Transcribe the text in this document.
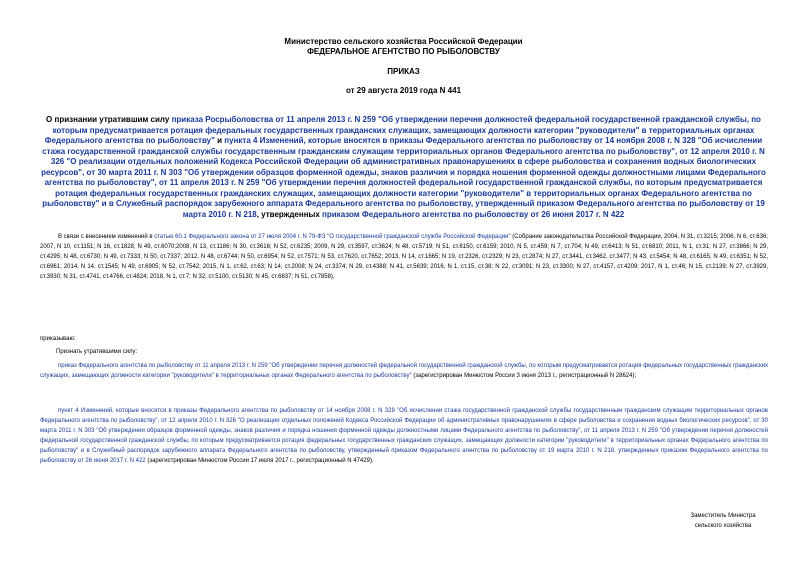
Министерство сельского хозяйства Российской Федерации
ФЕДЕРАЛЬНОЕ АГЕНТСТВО ПО РЫБОЛОВСТВУ
ПРИКАЗ
от 29 августа 2019 года N 441
О признании утратившим силу приказа Росрыболовства от 11 апреля 2013 г. N 259 "Об утверждении перечня должностей федеральной государственной гражданской службы, по которым предусматривается ротация федеральных государственных гражданских служащих, замещающих должности категории "руководители" в территориальных органах Федерального агентства по рыболовству" и пункта 4 Изменений, которые вносятся в приказы Федерального агентства по рыболовству от 14 ноября 2008 г. N 328 "Об исчислении стажа государственной гражданской службы государственным гражданским служащим территориальных органов Федерального агентства по рыболовству", от 12 апреля 2010 г. N 326 "О реализации отдельных положений Кодекса Российской Федерации об административных правонарушениях в сфере рыболовства и сохранения водных биологических ресурсов", от 30 марта 2011 г. N 303 "Об утверждении образцов форменной одежды, знаков различия и порядка ношения форменной одежды должностными лицами Федерального агентства по рыболовству", от 11 апреля 2013 г. N 259 "Об утверждении перечня должностей федеральной государственной гражданской службы, по которым предусматривается ротация федеральных государственных гражданских служащих, замещающих должности категории "руководители" в территориальных органах Федерального агентства по рыболовству" и в Служебный распорядок зарубежного аппарата Федерального агентства по рыболовству, утвержденный приказом Федерального агентства по рыболовству от 19 марта 2010 г. N 218, утвержденных приказом Федерального агентства по рыболовству от 26 июня 2017 г. N 422
В связи с внесением изменений в статью 60.1 Федерального закона от 27 июля 2004 г. N 79-ФЗ "О государственной гражданской службе Российской Федерации" (Собрание законодательства Российской Федерации, 2004, N 31, ст.3215; 2006, N 6, ст.636; 2007, N 10, ст.1151; N 16, ст.1828; N 49, ст.6070;2008, N 13, ст.1186; N 30, ст.3616; N 52, ст.6235; 2009, N 29, ст.3597, ст.3624; N 48, ст.5719; N 51, ст.6150, ст.6159; 2010, N 5, ст.459; N 7, ст.704; N 49, ст.6413; N 51, ст.6810; 2011, N 1, ст.31; N 27, ст.3866; N 29, ст.4295; N 48, ст.6730; N 49, ст.7333; N 50, ст.7337; 2012, N 48, ст.6744; N 50, ст.6954; N 52, ст.7571; N 53, ст.7620, ст.7652; 2013, N 14, ст.1665; N 19, ст.2326, ст.2329; N 23, ст.2874; N 27, ст.3441, ст.3462, ст.3477; N 43, ст.5454; N 48, ст.6165; N 49, ст.6351; N 52, ст.6961; 2014, N 14, ст.1545; N 49, ст.6905; N 52, ст.7542; 2015, N 1, ст.62, ст.63; N 14, ст.2008; N 24, ст.3374; N 29, ст.4388; N 41, ст.5639; 2016, N 1, ст.15, ст.38; N 22, ст.3091; N 23, ст.3300; N 27, ст.4157, ст.4209; 2017, N 1, ст.46; N 15, ст.2139; N 27, ст.3929, ст.3930; N 31, ст.4741, ст.4766, ст.4824; 2018, N 1, ст.7; N 32, ст.5100, ст.5130; N 45, ст.6837; N 51, ст.7858),
приказываю:
Признать утратившими силу:
приказ Федерального агентства по рыболовству от 11 апреля 2013 г. N 259 "Об утверждении перечня должностей федеральной государственной гражданской службы, по которым предусматривается ротация федеральных государственных гражданских служащих, замещающих должности категории "руководители" в территориальных органах Федерального агентства по рыболовству" (зарегистрирован Минюстом России 3 июня 2013 г., регистрационный N 28624);
пункт 4 Изменений, которые вносятся в приказы Федерального агентства по рыболовству от 14 ноября 2008 г. N 328 "Об исчислении стажа государственной гражданской службы государственным гражданским служащим территориальных органов Федерального агентства по рыболовству", от 12 апреля 2010 г. N 326 "О реализации отдельных положений Кодекса Российской Федерации об административных правонарушениях в сфере рыболовства и сохранения водных биологических ресурсов", от 30 марта 2011 г. N 303 "Об утверждении образцов форменной одежды, знаков различия и порядка ношения форменной одежды должностными лицами Федерального агентства по рыболовству", от 11 апреля 2013 г. N 259 "Об утверждении перечня должностей федеральной государственной гражданской службы, по которым предусматривается ротация федеральных государственных гражданских служащих, замещающих должности категории "руководители" в территориальных органах Федерального агентства по рыболовству" и в Служебный распорядок зарубежного аппарата Федерального агентства по рыболовству, утвержденный приказом Федерального агентства по рыболовству от 19 марта 2010 г. N 218, утвержденных приказом Федерального агентства по рыболовству от 26 июня 2017 г. N 422 (зарегистрирован Минюстом России 17 июля 2017 г., регистрационный N 47429).
Заместитель Министра
сельского хозяйства
